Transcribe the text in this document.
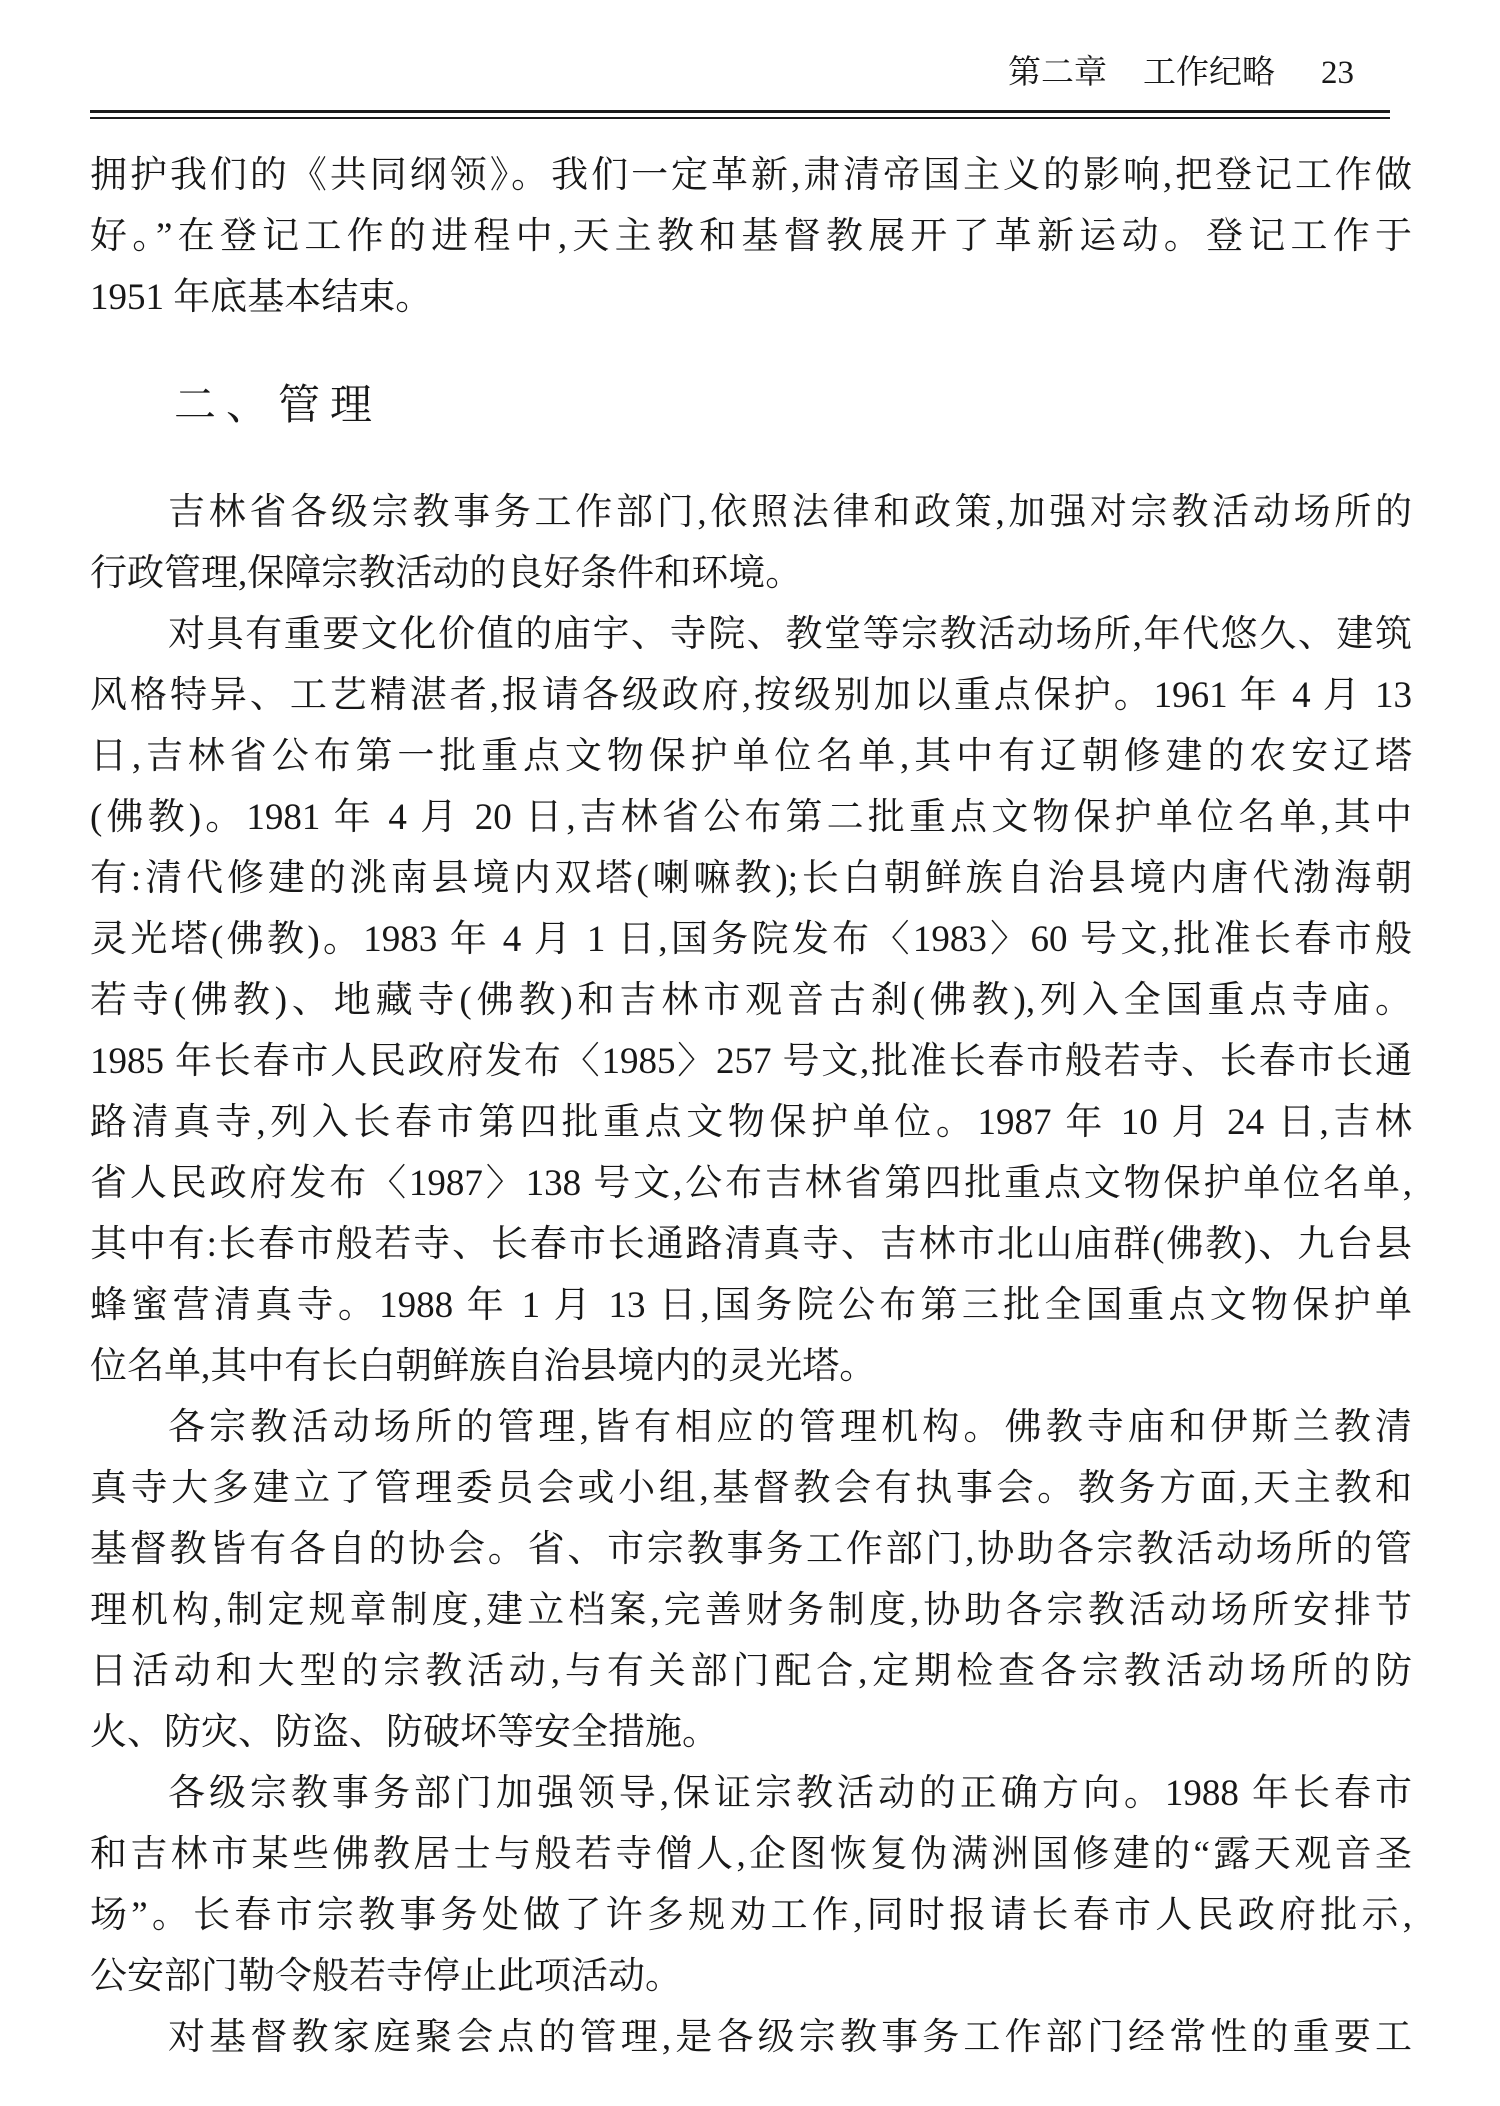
第二章 工作纪略 23
拥护我们的《共同纲领》。我们一定革新,肃清帝国主义的影响,把登记工作做
好。”在登记工作的进程中,天主教和基督教展开了革新运动。登记工作于
1951 年底基本结束。
二、管理
吉林省各级宗教事务工作部门,依照法律和政策,加强对宗教活动场所的
行政管理,保障宗教活动的良好条件和环境。
对具有重要文化价值的庙宇、寺院、教堂等宗教活动场所,年代悠久、建筑
风格特异、工艺精湛者,报请各级政府,按级别加以重点保护。1961 年 4 月 13
日,吉林省公布第一批重点文物保护单位名单,其中有辽朝修建的农安辽塔
(佛教)。1981 年 4 月 20 日,吉林省公布第二批重点文物保护单位名单,其中
有:清代修建的洮南县境内双塔(喇嘛教);长白朝鲜族自治县境内唐代渤海朝
灵光塔(佛教)。1983 年 4 月 1 日,国务院发布〈1983〉60 号文,批准长春市般
若寺(佛教)、地藏寺(佛教)和吉林市观音古刹(佛教),列入全国重点寺庙。
1985 年长春市人民政府发布〈1985〉257 号文,批准长春市般若寺、长春市长通
路清真寺,列入长春市第四批重点文物保护单位。1987 年 10 月 24 日,吉林
省人民政府发布〈1987〉138 号文,公布吉林省第四批重点文物保护单位名单,
其中有:长春市般若寺、长春市长通路清真寺、吉林市北山庙群(佛教)、九台县
蜂蜜营清真寺。1988 年 1 月 13 日,国务院公布第三批全国重点文物保护单
位名单,其中有长白朝鲜族自治县境内的灵光塔。
各宗教活动场所的管理,皆有相应的管理机构。佛教寺庙和伊斯兰教清
真寺大多建立了管理委员会或小组,基督教会有执事会。教务方面,天主教和
基督教皆有各自的协会。省、市宗教事务工作部门,协助各宗教活动场所的管
理机构,制定规章制度,建立档案,完善财务制度,协助各宗教活动场所安排节
日活动和大型的宗教活动,与有关部门配合,定期检查各宗教活动场所的防
火、防灾、防盗、防破坏等安全措施。
各级宗教事务部门加强领导,保证宗教活动的正确方向。1988 年长春市
和吉林市某些佛教居士与般若寺僧人,企图恢复伪满洲国修建的“露天观音圣
场”。长春市宗教事务处做了许多规劝工作,同时报请长春市人民政府批示,
公安部门勒令般若寺停止此项活动。
对基督教家庭聚会点的管理,是各级宗教事务工作部门经常性的重要工
